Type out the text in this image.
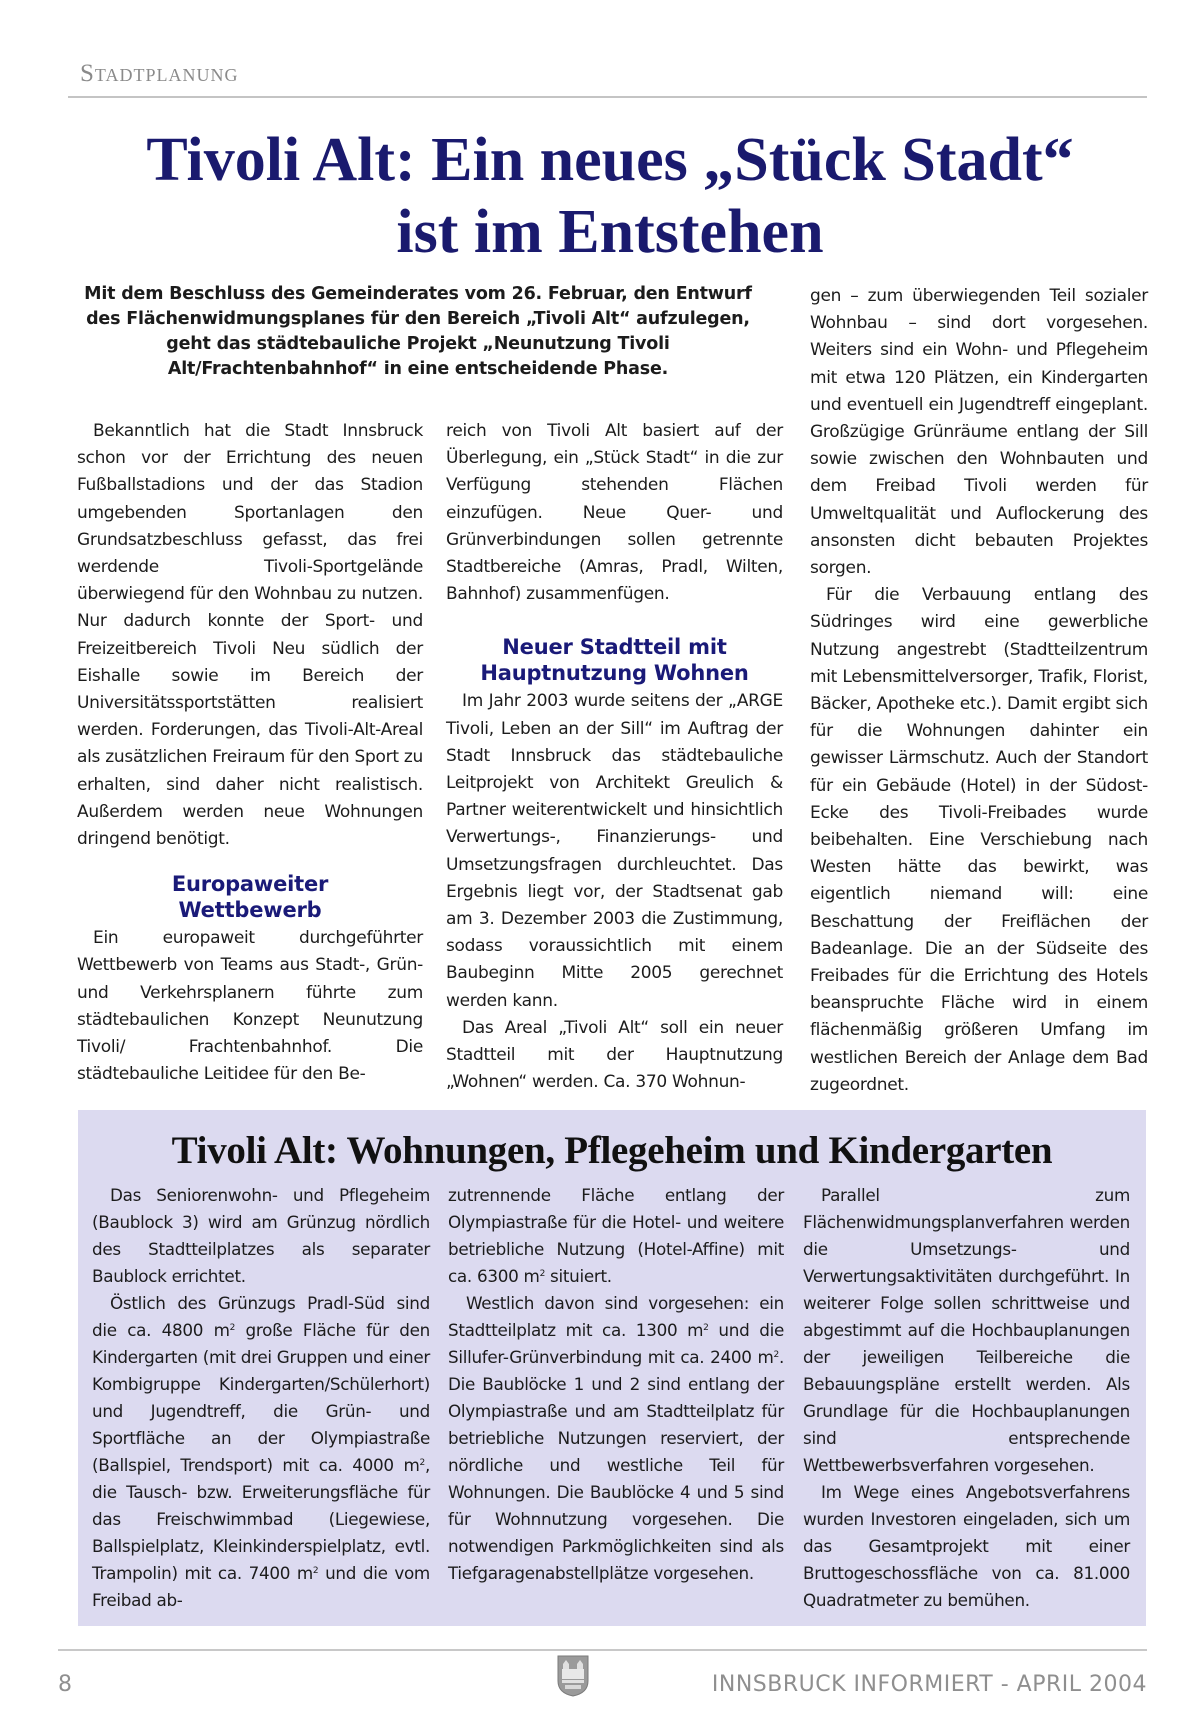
Stadtplanung
Tivoli Alt: Ein neues „Stück Stadt“
ist im Entstehen
Mit dem Beschluss des Gemeinderates vom 26. Februar, den Entwurf des Flächenwidmungsplanes für den Bereich „Tivoli Alt“ aufzulegen, geht das städtebauliche Projekt „Neunutzung Tivoli Alt/Frachtenbahnhof“ in eine entscheidende Phase.

Bekanntlich hat die Stadt Innsbruck schon vor der Errichtung des neuen Fußballstadions und der das Stadion umgebenden Sportanlagen den Grundsatzbeschluss gefasst, das frei werdende Tivoli-Sportgelände überwiegend für den Wohnbau zu nutzen. Nur dadurch konnte der Sport- und Freizeitbereich Tivoli Neu südlich der Eishalle sowie im Bereich der Universitätssportstätten realisiert werden. Forderungen, das Tivoli-Alt-Areal als zusätzlichen Freiraum für den Sport zu erhalten, sind daher nicht realistisch. Außerdem werden neue Wohnungen dringend benötigt.

Europaweiter
Wettbewerb

Ein europaweit durchgeführter Wettbewerb von Teams aus Stadt-, Grün- und Verkehrsplanern führte zum städtebaulichen Konzept Neunutzung Tivoli/ Frachtenbahnhof. Die städtebauliche Leitidee für den Be-

reich von Tivoli Alt basiert auf der Überlegung, ein „Stück Stadt“ in die zur Verfügung stehenden Flächen einzufügen. Neue Quer- und Grünverbindungen sollen getrennte Stadtbereiche (Amras, Pradl, Wilten, Bahnhof) zusammenfügen.

Neuer Stadtteil mit
Hauptnutzung Wohnen

Im Jahr 2003 wurde seitens der „ARGE Tivoli, Leben an der Sill“ im Auftrag der Stadt Innsbruck das städtebauliche Leitprojekt von Architekt Greulich & Partner weiterentwickelt und hinsichtlich Verwertungs-, Finanzierungs- und Umsetzungsfragen durchleuchtet. Das Ergebnis liegt vor, der Stadtsenat gab am 3. Dezember 2003 die Zustimmung, sodass voraussichtlich mit einem Baubeginn Mitte 2005 gerechnet werden kann.

Das Areal „Tivoli Alt“ soll ein neuer Stadtteil mit der Hauptnutzung „Wohnen“ werden. Ca. 370 Wohnun-

gen – zum überwiegenden Teil sozialer Wohnbau – sind dort vorgesehen. Weiters sind ein Wohn- und Pflegeheim mit etwa 120 Plätzen, ein Kindergarten und eventuell ein Jugendtreff eingeplant. Großzügige Grünräume entlang der Sill sowie zwischen den Wohnbauten und dem Freibad Tivoli werden für Umweltqualität und Auflockerung des ansonsten dicht bebauten Projektes sorgen.

Für die Verbauung entlang des Südringes wird eine gewerbliche Nutzung angestrebt (Stadtteilzentrum mit Lebensmittelversorger, Trafik, Florist, Bäcker, Apotheke etc.). Damit ergibt sich für die Wohnungen dahinter ein gewisser Lärmschutz. Auch der Standort für ein Gebäude (Hotel) in der Südost-Ecke des Tivoli-Freibades wurde beibehalten. Eine Verschiebung nach Westen hätte das bewirkt, was eigentlich niemand will: eine Beschattung der Freiflächen der Badeanlage. Die an der Südseite des Freibades für die Errichtung des Hotels beanspruchte Fläche wird in einem flächenmäßig größeren Umfang im westlichen Bereich der Anlage dem Bad zugeordnet.

Tivoli Alt: Wohnungen, Pflegeheim und Kindergarten

Das Seniorenwohn- und Pflegeheim (Baublock 3) wird am Grünzug nördlich des Stadtteilplatzes als separater Baublock errichtet.

Östlich des Grünzugs Pradl-Süd sind die ca. 4800 $m^2$ große Fläche für den Kindergarten (mit drei Gruppen und einer Kombigruppe Kindergarten/Schülerhort) und Jugendtreff, die Grün- und Sportfläche an der Olympiastraße (Ballspiel, Trendsport) mit ca. 4000 $m^2$, die Tausch- bzw. Erweiterungsfläche für das Freischwimmbad (Liegewiese, Ballspielplatz, Kleinkinderspielplatz, evtl. Trampolin) mit ca. 7400 $m^2$ und die vom Freibad ab-

zutrennende Fläche entlang der Olympiastraße für die Hotel- und weitere betriebliche Nutzung (Hotel-Affine) mit ca. 6300 $m^2$ situiert.

Westlich davon sind vorgesehen: ein Stadtteilplatz mit ca. 1300 $m^2$ und die Sillufer-Grünverbindung mit ca. 2400 $m^2$. Die Baublöcke 1 und 2 sind entlang der Olympiastraße und am Stadtteilplatz für betriebliche Nutzungen reserviert, der nördliche und westliche Teil für Wohnungen. Die Baublöcke 4 und 5 sind für Wohnnutzung vorgesehen. Die notwendigen Parkmöglichkeiten sind als Tiefgaragenabstellplätze vorgesehen.

Parallel zum Flächenwidmungsplanverfahren werden die Umsetzungs- und Verwertungsaktivitäten durchgeführt. In weiterer Folge sollen schrittweise und abgestimmt auf die Hochbauplanungen der jeweiligen Teilbereiche die Bebauungspläne erstellt werden. Als Grundlage für die Hochbauplanungen sind entsprechende Wettbewerbsverfahren vorgesehen.

Im Wege eines Angebotsverfahrens wurden Investoren eingeladen, sich um das Gesamtprojekt mit einer Bruttogeschossfläche von ca. 81.000 Quadratmeter zu bemühen.

8	INNSBRUCK INFORMIERT - APRIL 2004
